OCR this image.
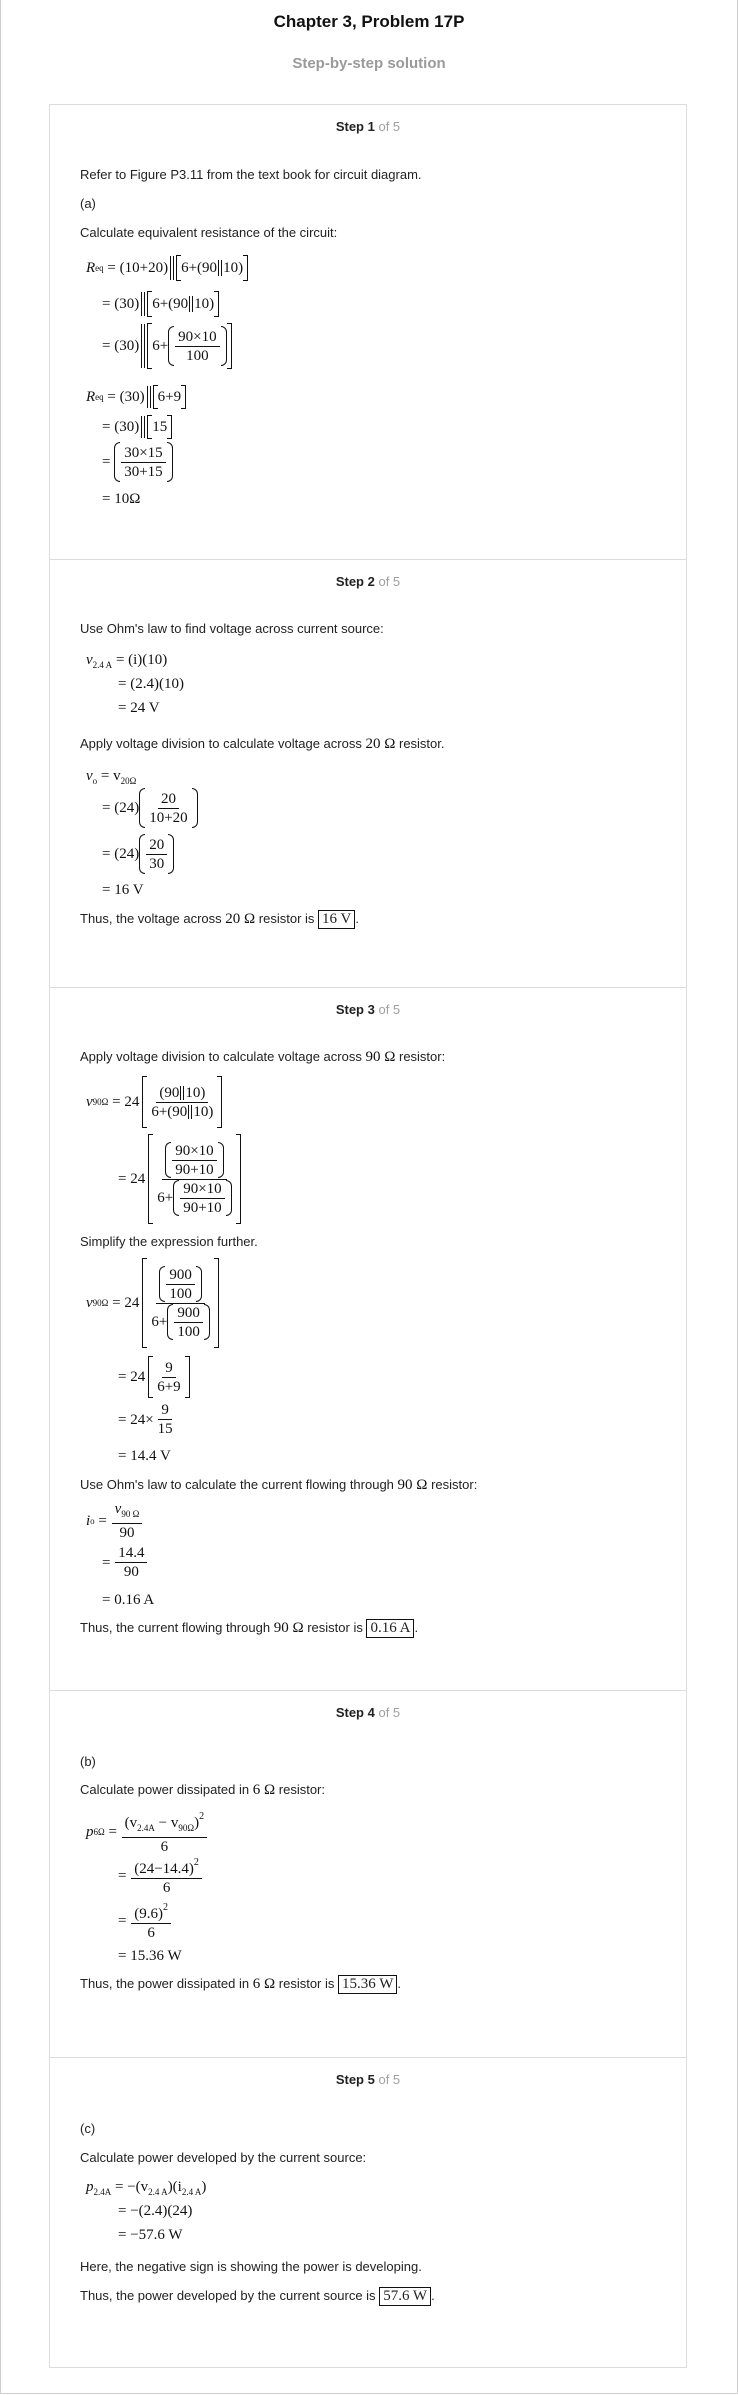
Chapter 3, Problem 17P
Step-by-step solution
Step 1 of 5
Refer to Figure P3.11 from the text book for circuit diagram.
(a)
Calculate equivalent resistance of the circuit:
R eq
= (10+20) 6+(90 10)
= (30) 6+(90 10)
= (30) $6+ \frac{90\times 10}{100}$
R eq
= (30) 6+9
= (30) 15
= $\frac{30\times 15}{30+15}$
= 10Ω
Step 2 of 5
Use Ohm's law to find voltage across current source:
$v_{2.4 A} = (i)(10)$
= (2.4)(10)
= 24 V
Apply voltage division to calculate voltage across 20 Ω resistor.
$v_o = v_{20\Omega}$
= $(24) \frac{20}{10+20}$
= $(24) \frac{20}{30}$
= 16 V
Thus, the voltage across 20 Ω resistor is 16 V .
Step 3 of 5
Apply voltage division to calculate voltage across 90 Ω resistor:
v 90Ω
= $24 \frac{(90 10)}{6+(90 10)}$
= $24 \frac{\frac{90\times 10}{90+10}}{6+ \frac{90\times 10}{90+10}}$
Simplify the expression further.
v 90Ω
= $24 \frac{\frac{900}{100}}{6+ \frac{900}{100}}$
= $24 \frac{9}{6+9}$
= $24\times \frac{9}{15}$
= 14.4 V
Use Ohm's law to calculate the current flowing through 90 Ω resistor:
i $o = \frac{v_{90 \Omega}}{90}$
= $\frac{14.4}{90}$
= 0.16 A
Thus, the current flowing through 90 Ω resistor is 0.16 A .
Step 4 of 5
(b)
Calculate power dissipated in 6 Ω resistor:
p $6\Omega = \frac{(v_{2.4A} - v_{90\Omega})^2}{6}$
= $\frac{(24-14.4)^2}{6}$
= $\frac{(9.6)^2}{6}$
= 15.36 W
Thus, the power dissipated in 6 Ω resistor is 15.36 W .
Step 5 of 5
(c)
Calculate power developed by the current source:
$p_{2.4A} = -(v_{2.4 A})(i_{2.4 A})$
= −(2.4)(24)
= −57.6 W
Here, the negative sign is showing the power is developing.
Thus, the power developed by the current source is 57.6 W .
